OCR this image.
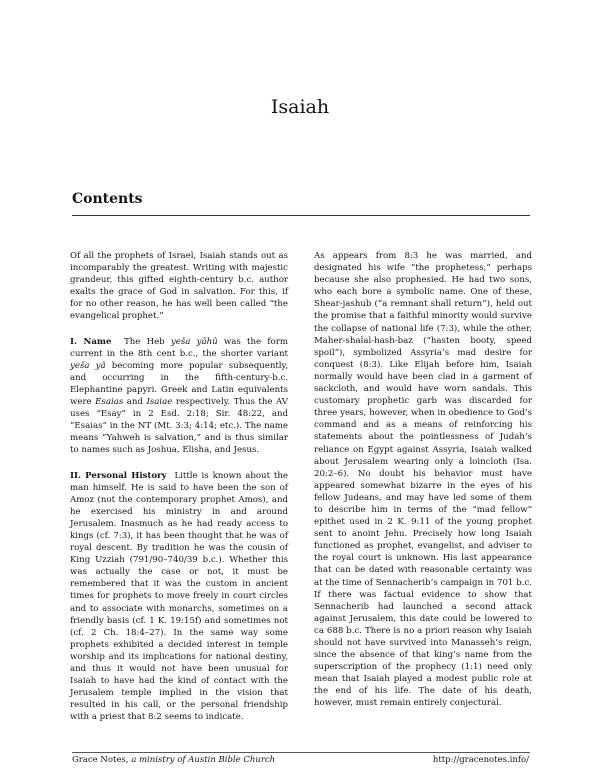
Isaiah
Contents

Of all the prophets of Israel, Isaiah stands out as incomparably the greatest. Writing with majestic grandeur, this gifted eighth-century b.c. author exalts the grace of God in salvation. For this, if for no other reason, he has well been called “the evangelical prophet.”

I. Name The Heb yeša yāhû was the form current in the 8th cent b.c., the shorter variant yeša yâ becoming more popular subsequently, and occurring in the fifth-century-b.c. Elephantine papyri. Greek and Latin equivalents were Esaias and Isaiae respectively. Thus the AV uses “Esay” in 2 Esd. 2:18; Sir. 48:22, and “Esaias” in the NT (Mt. 3:3; 4:14; etc.). The name means “Yahweh is salvation,” and is thus similar to names such as Joshua, Elisha, and Jesus.

II. Personal History Little is known about the man himself. He is said to have been the son of Amoz (not the contemporary prophet Amos), and he exercised his ministry in and around Jerusalem. Inasmuch as he had ready access to kings (cf. 7:3), it has been thought that he was of royal descent. By tradition he was the cousin of King Uzziah (791/90–740/39 b.c.). Whether this was actually the case or not, it must be remembered that it was the custom in ancient times for prophets to move freely in court circles and to associate with monarchs, sometimes on a friendly basis (cf. 1 K. 19:15f) and sometimes not (cf. 2 Ch. 18:4–27). In the same way some prophets exhibited a decided interest in temple worship and its implications for national destiny, and thus it would not have been unusual for Isaiah to have had the kind of contact with the Jerusalem temple implied in the vision that resulted in his call, or the personal friendship with a priest that 8:2 seems to indicate.

As appears from 8:3 he was married, and designated his wife “the prophetess,” perhaps because she also prophesied. He had two sons, who each bore a symbolic name. One of these, Shear-jashub (“a remnant shall return”), held out the promise that a faithful minority would survive the collapse of national life (7:3), while the other, Maher-shalal-hash-baz (“hasten booty, speed spoil”), symbolized Assyria’s mad desire for conquest (8:3). Like Elijah before him, Isaiah normally would have been clad in a garment of sackcloth, and would have worn sandals. This customary prophetic garb was discarded for three years, however, when in obedience to God’s command and as a means of reinforcing his statements about the pointlessness of Judah’s reliance on Egypt against Assyria, Isaiah walked about Jerusalem wearing only a loincloth (Isa. 20:2–6). No doubt his behavior must have appeared somewhat bizarre in the eyes of his fellow Judeans, and may have led some of them to describe him in terms of the “mad fellow” epithet used in 2 K. 9:11 of the young prophet sent to anoint Jehu. Precisely how long Isaiah functioned as prophet, evangelist, and adviser to the royal court is unknown. His last appearance that can be dated with reasonable certainty was at the time of Sennacherib’s campaign in 701 b.c. If there was factual evidence to show that Sennacherib had launched a second attack against Jerusalem, this date could be lowered to ca 688 b.c. There is no a priori reason why Isaiah should not have survived into Manasseh’s reign, since the absence of that king’s name from the superscription of the prophecy (1:1) need only mean that Isaiah played a modest public role at the end of his life. The date of his death, however, must remain entirely conjectural.

Grace Notes, a ministry of Austin Bible Church	http://gracenotes.info/
